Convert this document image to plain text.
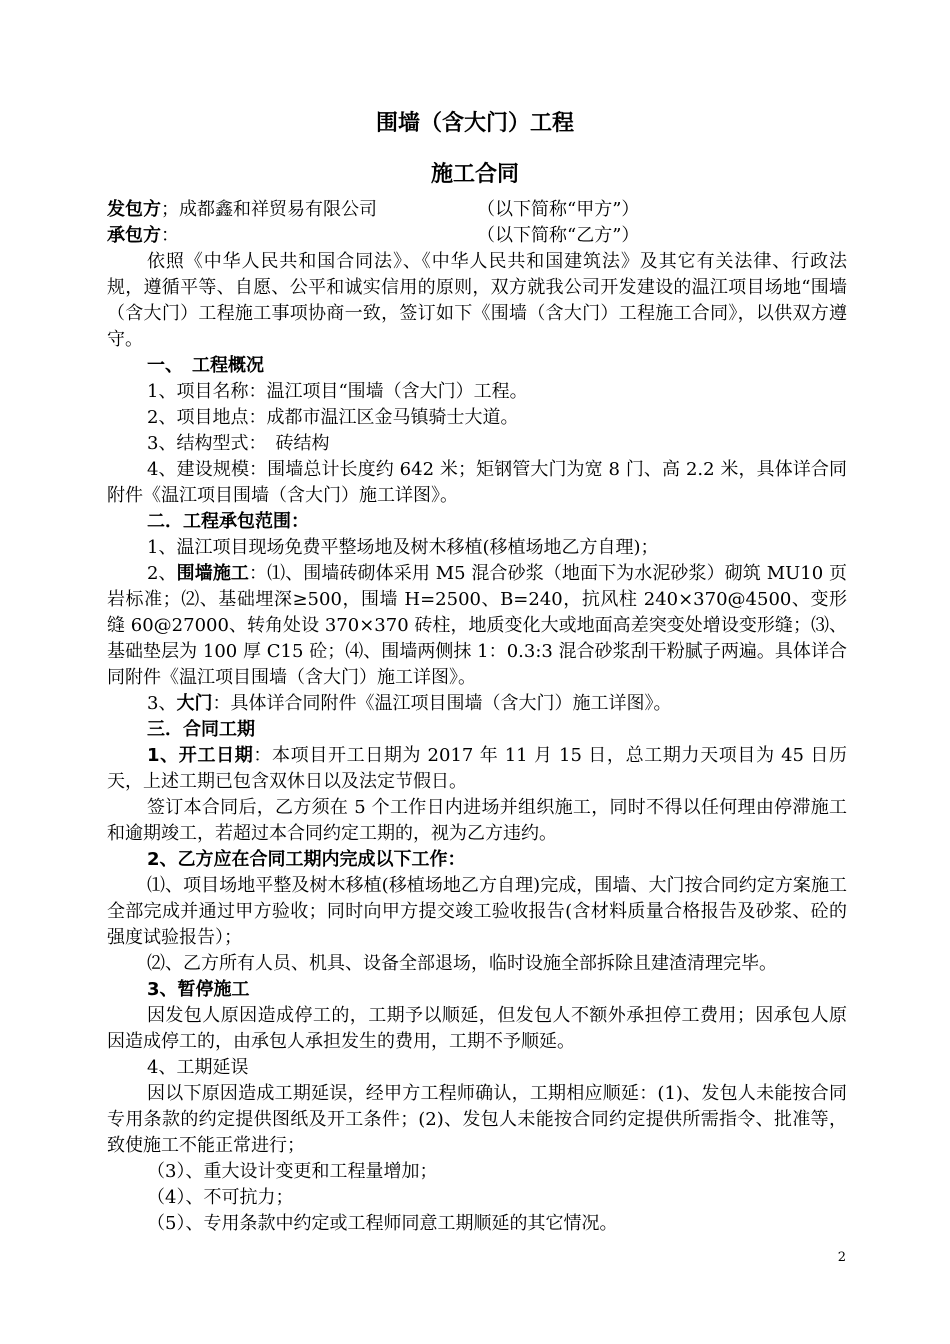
围墙（含大门）工程
施工合同
发包方 ； 成都鑫和祥贸易有限公司	（以下简称“甲方”）
承包方 ：	（以下简称“乙方”）

依照《中华人民共和国合同法》、《中华人民共和国建筑法》及其它有关法律、行政法规，遵循平等、自愿、公平和诚实信用的原则，双方就我公司开发建设的温江项目场地“围墙（含大门）工程施工事项协商一致，签订如下《围墙（含大门）工程施工合同》，以供双方遵守。

一、　工程概况

1、项目名称：温江项目“围墙（含大门）工程。

2、项目地点：成都市温江区金马镇骑士大道。

3、结构型式：　砖结构

4、建设规模：围墙总计长度约 642 米；矩钢管大门为宽 8 门、高 2.2 米，具体详合同附件《温江项目围墙（含大门）施工详图》。

二．工程承包范围：

1、温江项目现场免费平整场地及树木移植(移植场地乙方自理)；

2、围墙施工：⑴、围墙砖砌体采用 M5 混合砂浆（地面下为水泥砂浆）砌筑 MU10 页岩标准；⑵、基础埋深≥500，围墙 H=2500、B=240，抗风柱 240×370@4500、变形缝 60@27000、转角处设 370×370 砖柱，地质变化大或地面高差突变处增设变形缝；⑶、基础垫层为 100 厚 C15 砼；⑷、围墙两侧抹 1：0.3:3 混合砂浆刮干粉腻子两遍。具体详合同附件《温江项目围墙（含大门）施工详图》。

3、大门：具体详合同附件《温江项目围墙（含大门）施工详图》。

三．合同工期

1、开工日期：本项目开工日期为 2017 年 11 月 15 日，总工期力天项目为 45 日历天，上述工期已包含双休日以及法定节假日。

签订本合同后，乙方须在 5 个工作日内进场并组织施工，同时不得以任何理由停滞施工和逾期竣工，若超过本合同约定工期的，视为乙方违约。

2、乙方应在合同工期内完成以下工作：

⑴、项目场地平整及树木移植(移植场地乙方自理)完成，围墙、大门按合同约定方案施工全部完成并通过甲方验收；同时向甲方提交竣工验收报告(含材料质量合格报告及砂浆、砼的强度试验报告）；

⑵、乙方所有人员、机具、设备全部退场，临时设施全部拆除且建渣清理完毕。

3、暂停施工

因发包人原因造成停工的，工期予以顺延，但发包人不额外承担停工费用；因承包人原因造成停工的，由承包人承担发生的费用，工期不予顺延。

4、工期延误

因以下原因造成工期延误，经甲方工程师确认，工期相应顺延：(1)、发包人未能按合同专用条款的约定提供图纸及开工条件；(2)、发包人未能按合同约定提供所需指令、批准等，致使施工不能正常进行；

（3）、重大设计变更和工程量增加；

（4）、不可抗力；

（5）、专用条款中约定或工程师同意工期顺延的其它情况。

2
